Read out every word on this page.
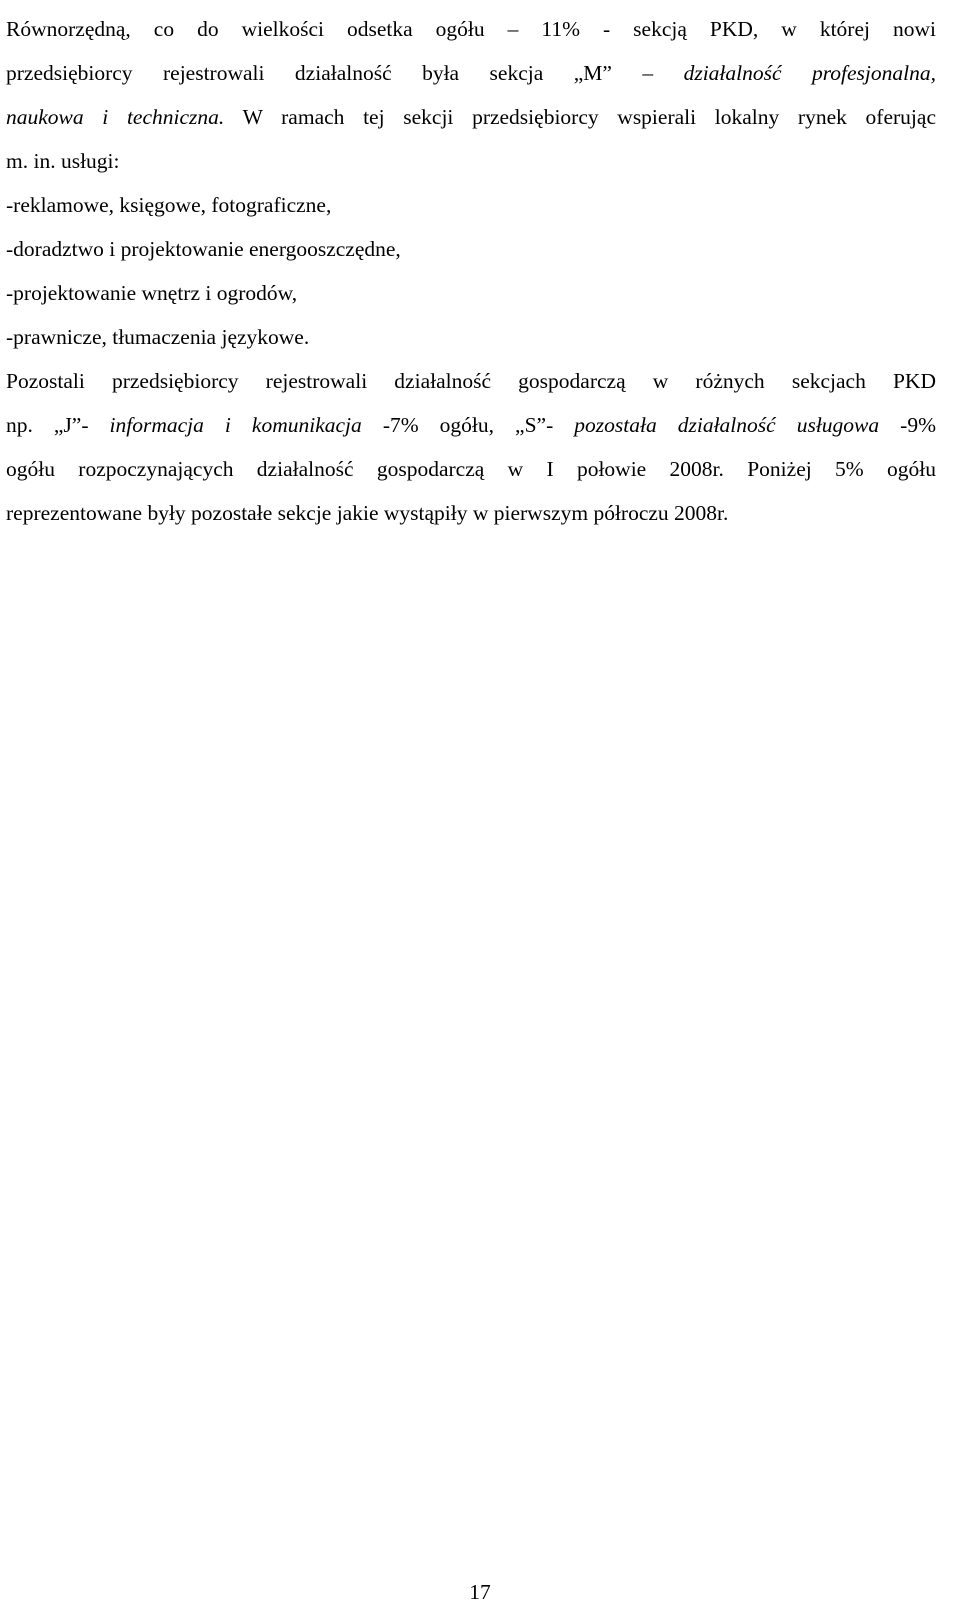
Równorzędną, co do wielkości odsetka ogółu – 11% - sekcją PKD, w której nowi
przedsiębiorcy rejestrowali działalność była sekcja „M” – działalność profesjonalna,
naukowa i techniczna. W ramach tej sekcji przedsiębiorcy wspierali lokalny rynek oferując
m. in. usługi:
-reklamowe, księgowe, fotograficzne,
-doradztwo i projektowanie energooszczędne,
-projektowanie wnętrz i ogrodów,
-prawnicze, tłumaczenia językowe.
Pozostali przedsiębiorcy rejestrowali działalność gospodarczą w różnych sekcjach PKD
np. „J”- informacja i komunikacja -7% ogółu, „S”- pozostała działalność usługowa -9%
ogółu rozpoczynających działalność gospodarczą w I połowie 2008r. Poniżej 5% ogółu
reprezentowane były pozostałe sekcje jakie wystąpiły w pierwszym półroczu 2008r.
17
